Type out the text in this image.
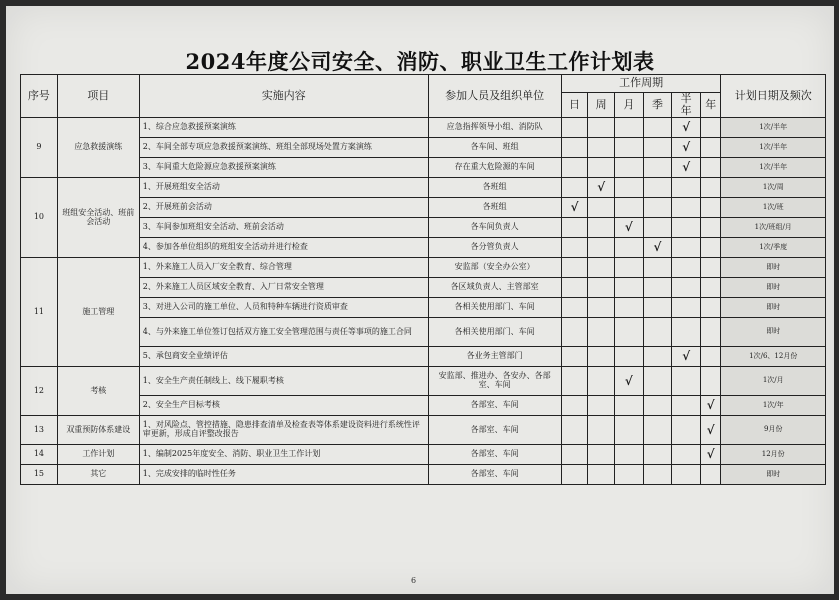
2024年度公司安全、消防、职业卫生工作计划表
序号	项目	实施内容	参加人员及组织单位	工作周期						计划日期及频次
				日	周	月	季	半年	年	
9	应急救援演练	1、综合应急救援预案演练	应急指挥领导小组、消防队					√		1次/半年
		2、车间全部专项应急救援预案演练、班组全部现场处置方案演练	各车间、班组					√		1次/半年
		3、车间重大危险源应急救援预案演练	存在重大危险源的车间					√		1次/半年
10	班组安全活动、班前会活动	1、开展班组安全活动	各班组		√					1次/周
		2、开展班前会活动	各班组	√						1次/班
		3、车间参加班组安全活动、班前会活动	各车间负责人			√				1次/班组/月
		4、参加各单位组织的班组安全活动并进行检查	各分管负责人				√			1次/季度
11	施工管理	1、外来施工人员入厂安全教育、综合管理	安监部（安全办公室）							即时
		2、外来施工人员区域安全教育、入厂日常安全管理	各区域负责人、主管部室							即时
		3、对进入公司的施工单位、人员和特种车辆进行资质审查	各相关使用部门、车间							即时
		4、与外来施工单位签订包括双方施工安全管理范围与责任等事项的施工合同	各相关使用部门、车间							即时
		5、承包商安全业绩评估	各业务主管部门					√		1次/6、12月份
12	考核	1、安全生产责任制线上、线下履职考核	安监部、推进办、各安办、各部室、车间			√				1次/月
		2、安全生产目标考核	各部室、车间						√	1次/年
13	双重预防体系建设	1、对风险点、管控措施、隐患排查清单及检查表等体系建设资料进行系统性评审更新，形成自评整改报告	各部室、车间						√	9月份
14	工作计划	1、编制2025年度安全、消防、职业卫生工作计划	各部室、车间						√	12月份
15	其它	1、完成安排的临时性任务	各部室、车间							即时
6
